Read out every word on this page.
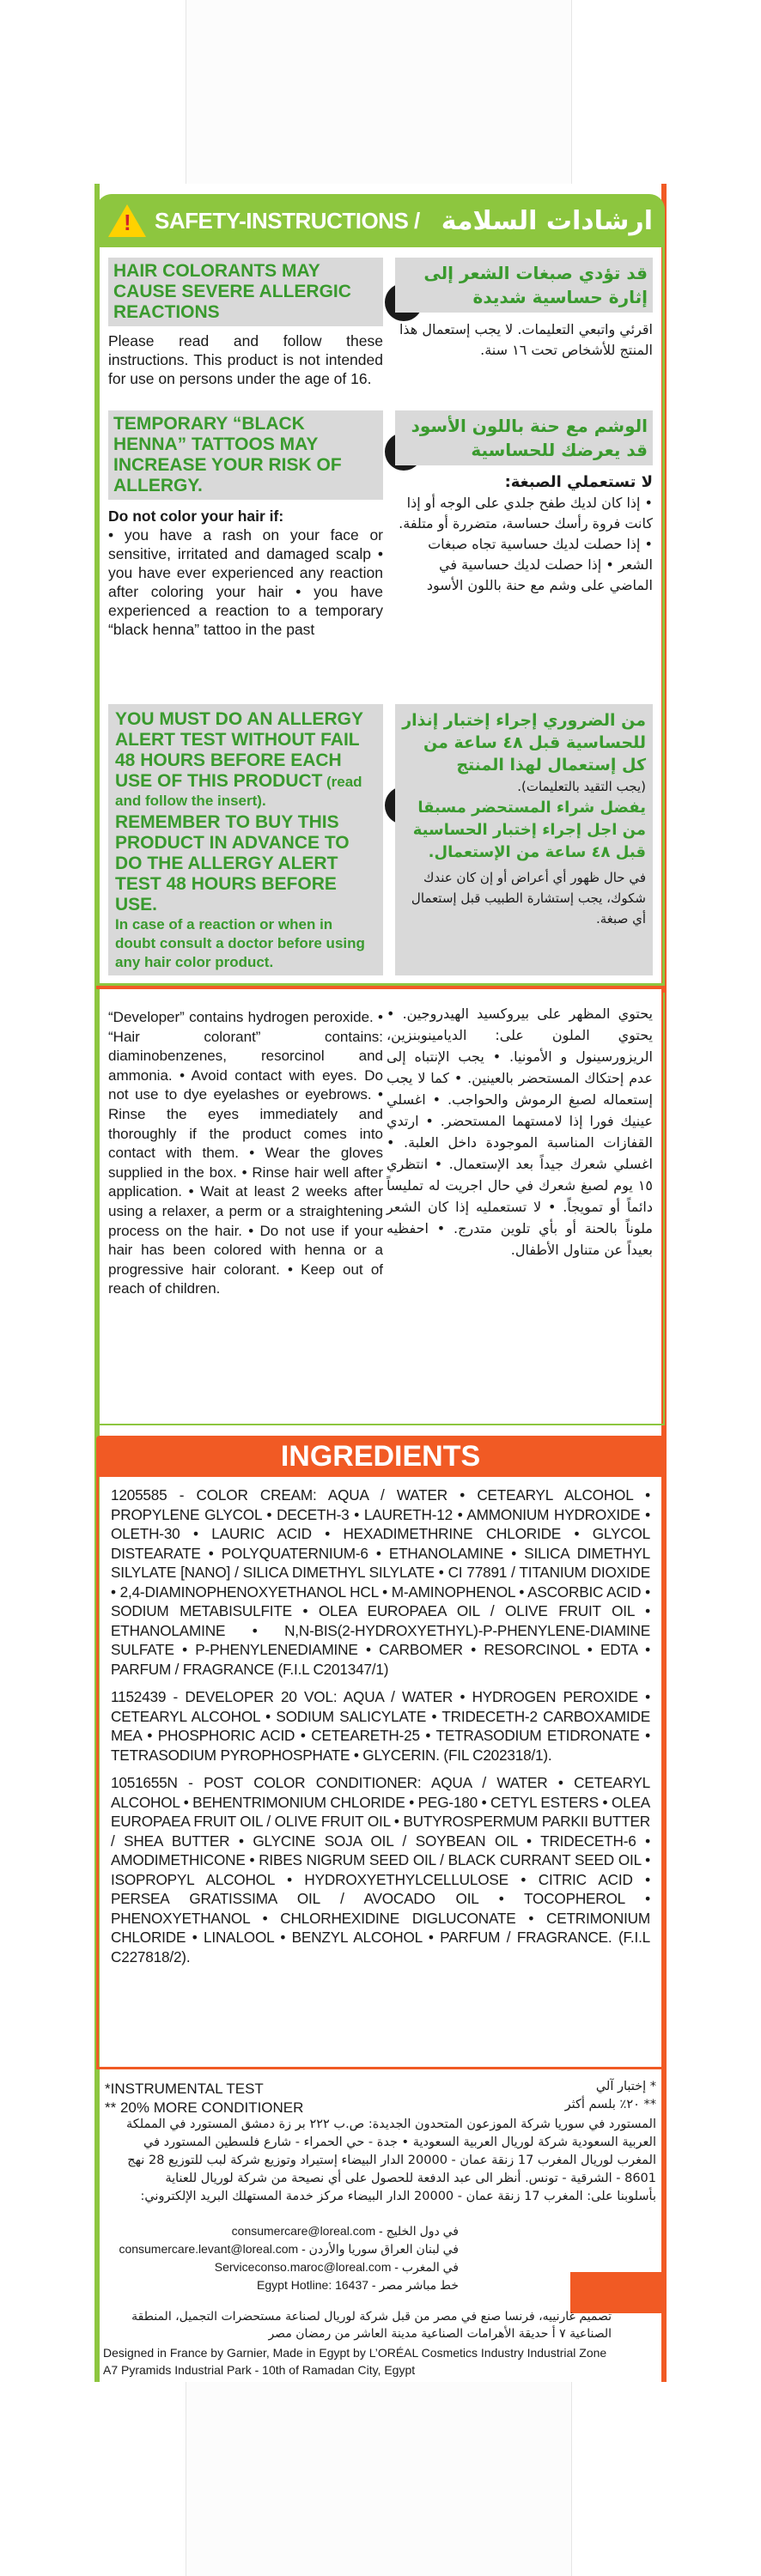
! SAFETY-INSTRUCTIONS / ارشادات السلامة
HAIR COLORANTS MAY CAUSE SEVERE ALLERGIC REACTIONS
Please read and follow these instructions. This product is not intended for use on persons under the age of 16.
قد تؤدي صبغات الشعر إلى إثارة حساسية شديدة
اقرئي واتبعي التعليمات. لا يجب إستعمال هذا المنتج للأشخاص تحت ١٦ سنة.
TEMPORARY “BLACK HENNA” TATTOOS MAY INCREASE YOUR RISK OF ALLERGY.
Do not color your hair if:
• you have a rash on your face or sensitive, irritated and damaged scalp • you have ever experienced any reaction after coloring your hair • you have experienced a reaction to a temporary “black henna” tattoo in the past
الوشم مع حنة باللون الأسود قد يعرضك للحساسية
لا تستعملي الصبغة:
• إذا كان لديك طفح جلدي على الوجه أو إذا كانت فروة رأسك حساسة، متضررة أو متلفة. • إذا حصلت لديك حساسية تجاه صبغات الشعر • إذا حصلت لديك حساسية في الماضي على وشم مع حنة باللون الأسود
YOU MUST DO AN ALLERGY ALERT TEST WITHOUT FAIL 48 HOURS BEFORE EACH USE OF THIS PRODUCT (read and follow the insert).
REMEMBER TO BUY THIS PRODUCT IN ADVANCE TO DO THE ALLERGY ALERT TEST 48 HOURS BEFORE USE.
In case of a reaction or when in doubt consult a doctor before using any hair color product.
من الضروري إجراء إختبار إنذار للحساسية قبل ٤٨ ساعة من كل إستعمال لهذا المنتج
(يجب التقيد بالتعليمات).
يفضل شراء المستحضر مسبقا من اجل إجراء إختبار الحساسية قبل ٤٨ ساعة من الإستعمال.
في حال ظهور أي أعراض أو إن كان عندك شكوك، يجب إستشارة الطبيب قبل إستعمال أي صبغة.
“Developer” contains hydrogen peroxide. • “Hair colorant” contains: diaminobenzenes, resorcinol and ammonia. • Avoid contact with eyes. Do not use to dye eyelashes or eyebrows. • Rinse the eyes immediately and thoroughly if the product comes into contact with them. • Wear the gloves supplied in the box. • Rinse hair well after application. • Wait at least 2 weeks after using a relaxer, a perm or a straightening process on the hair. • Do not use if your hair has been colored with henna or a progressive hair colorant. • Keep out of reach of children.
يحتوي المظهر على بيروكسيد الهيدروجين. • يحتوي الملون على: الديامينوبنزين، الريزورسينول و الأمونيا. • يجب الإنتباه إلى عدم إحتكاك المستحضر بالعينين. • كما لا يجب إستعماله لصبغ الرموش والحواجب. • اغسلي عينيك فورا إذا لامستهما المستحضر. • ارتدي القفازات المناسبة الموجودة داخل العلبة. • اغسلي شعرك جيداً بعد الإستعمال. • انتظري ١٥ يوم لصبغ شعرك في حال اجريت له تمليساً دائماً أو تمويجاً. • لا تستعمليه إذا كان الشعر ملوناً بالحنة أو بأي تلوين متدرج. • احفظيه بعيداً عن متناول الأطفال.
INGREDIENTS

1205585 - COLOR CREAM: AQUA / WATER • CETEARYL ALCOHOL • PROPYLENE GLYCOL • DECETH-3 • LAURETH-12 • AMMONIUM HYDROXIDE • OLETH-30 • LAURIC ACID • HEXADIMETHRINE CHLORIDE • GLYCOL DISTEARATE • POLYQUATERNIUM-6 • ETHANOLAMINE • SILICA DIMETHYL SILYLATE [NANO] / SILICA DIMETHYL SILYLATE • CI 77891 / TITANIUM DIOXIDE • 2,4-DIAMINOPHENOXYETHANOL HCL • M-AMINOPHENOL • ASCORBIC ACID • SODIUM METABISULFITE • OLEA EUROPAEA OIL / OLIVE FRUIT OIL • ETHANOLAMINE • N,N-BIS(2-HYDROXYETHYL)-P-PHENYLENE-DIAMINE SULFATE • P-PHENYLENEDIAMINE • CARBOMER • RESORCINOL • EDTA • PARFUM / FRAGRANCE (F.I.L C201347/1)

1152439 - DEVELOPER 20 VOL: AQUA / WATER • HYDROGEN PEROXIDE • CETEARYL ALCOHOL • SODIUM SALICYLATE • TRIDECETH-2 CARBOXAMIDE MEA • PHOSPHORIC ACID • CETEARETH-25 • TETRASODIUM ETIDRONATE • TETRASODIUM PYROPHOSPHATE • GLYCERIN. (FIL C202318/1).

1051655N - POST COLOR CONDITIONER: AQUA / WATER • CETEARYL ALCOHOL • BEHENTRIMONIUM CHLORIDE • PEG-180 • CETYL ESTERS • OLEA EUROPAEA FRUIT OIL / OLIVE FRUIT OIL • BUTYROSPERMUM PARKII BUTTER / SHEA BUTTER • GLYCINE SOJA OIL / SOYBEAN OIL • TRIDECETH-6 • AMODIMETHICONE • RIBES NIGRUM SEED OIL / BLACK CURRANT SEED OIL • ISOPROPYL ALCOHOL • HYDROXYETHYLCELLULOSE • CITRIC ACID • PERSEA GRATISSIMA OIL / AVOCADO OIL • TOCOPHEROL • PHENOXYETHANOL • CHLORHEXIDINE DIGLUCONATE • CETRIMONIUM CHLORIDE • LINALOOL • BENZYL ALCOHOL • PARFUM / FRAGRANCE. (F.I.L C227818/2).

*INSTRUMENTAL TEST
** 20% MORE CONDITIONER
* إختبار آلي
** ٢٠٪ بلسم أكثر
المستورد في سوريا شركة الموزعون المتحدون الجديدة: ص.ب ٢٢٢ بر زة دمشق المستورد في المملكة العربية السعودية شركة لوريال العربية السعودية • جدة - حي الحمراء - شارع فلسطين المستورد في المغرب لوريال المغرب 17 زنقة عمان - 20000 الدار البيضاء إستيراد وتوزيع شركة لبب للتوزيع 28 نهج 8601 - الشرقية - تونس. أنظر الى عبد الدفعة للحصول على أي نصيحة من شركة لوريال للعناية بأسلوبنا على: المغرب 17 زنقة عمان - 20000 الدار البيضاء مركز خدمة المستهلك البريد الإلكتروني:
consumercare@loreal.com - في دول الخليج
consumercare.levant@loreal.com - في لبنان العراق سوريا والأردن
Serviceconso.maroc@loreal.com - في المغرب
Egypt Hotline: 16437 - خط مباشر مصر
تصميم غارنييه، فرنسا صنع في مصر من قبل شركة لوريال لصناعة مستحضرات التجميل، المنطقة الصناعية ٧ أ حديقة الأهرامات الصناعية مدينة العاشر من رمضان مصر
Designed in France by Garnier, Made in Egypt by L’ORÉAL Cosmetics Industry Industrial Zone A7 Pyramids Industrial Park - 10th of Ramadan City, Egypt
